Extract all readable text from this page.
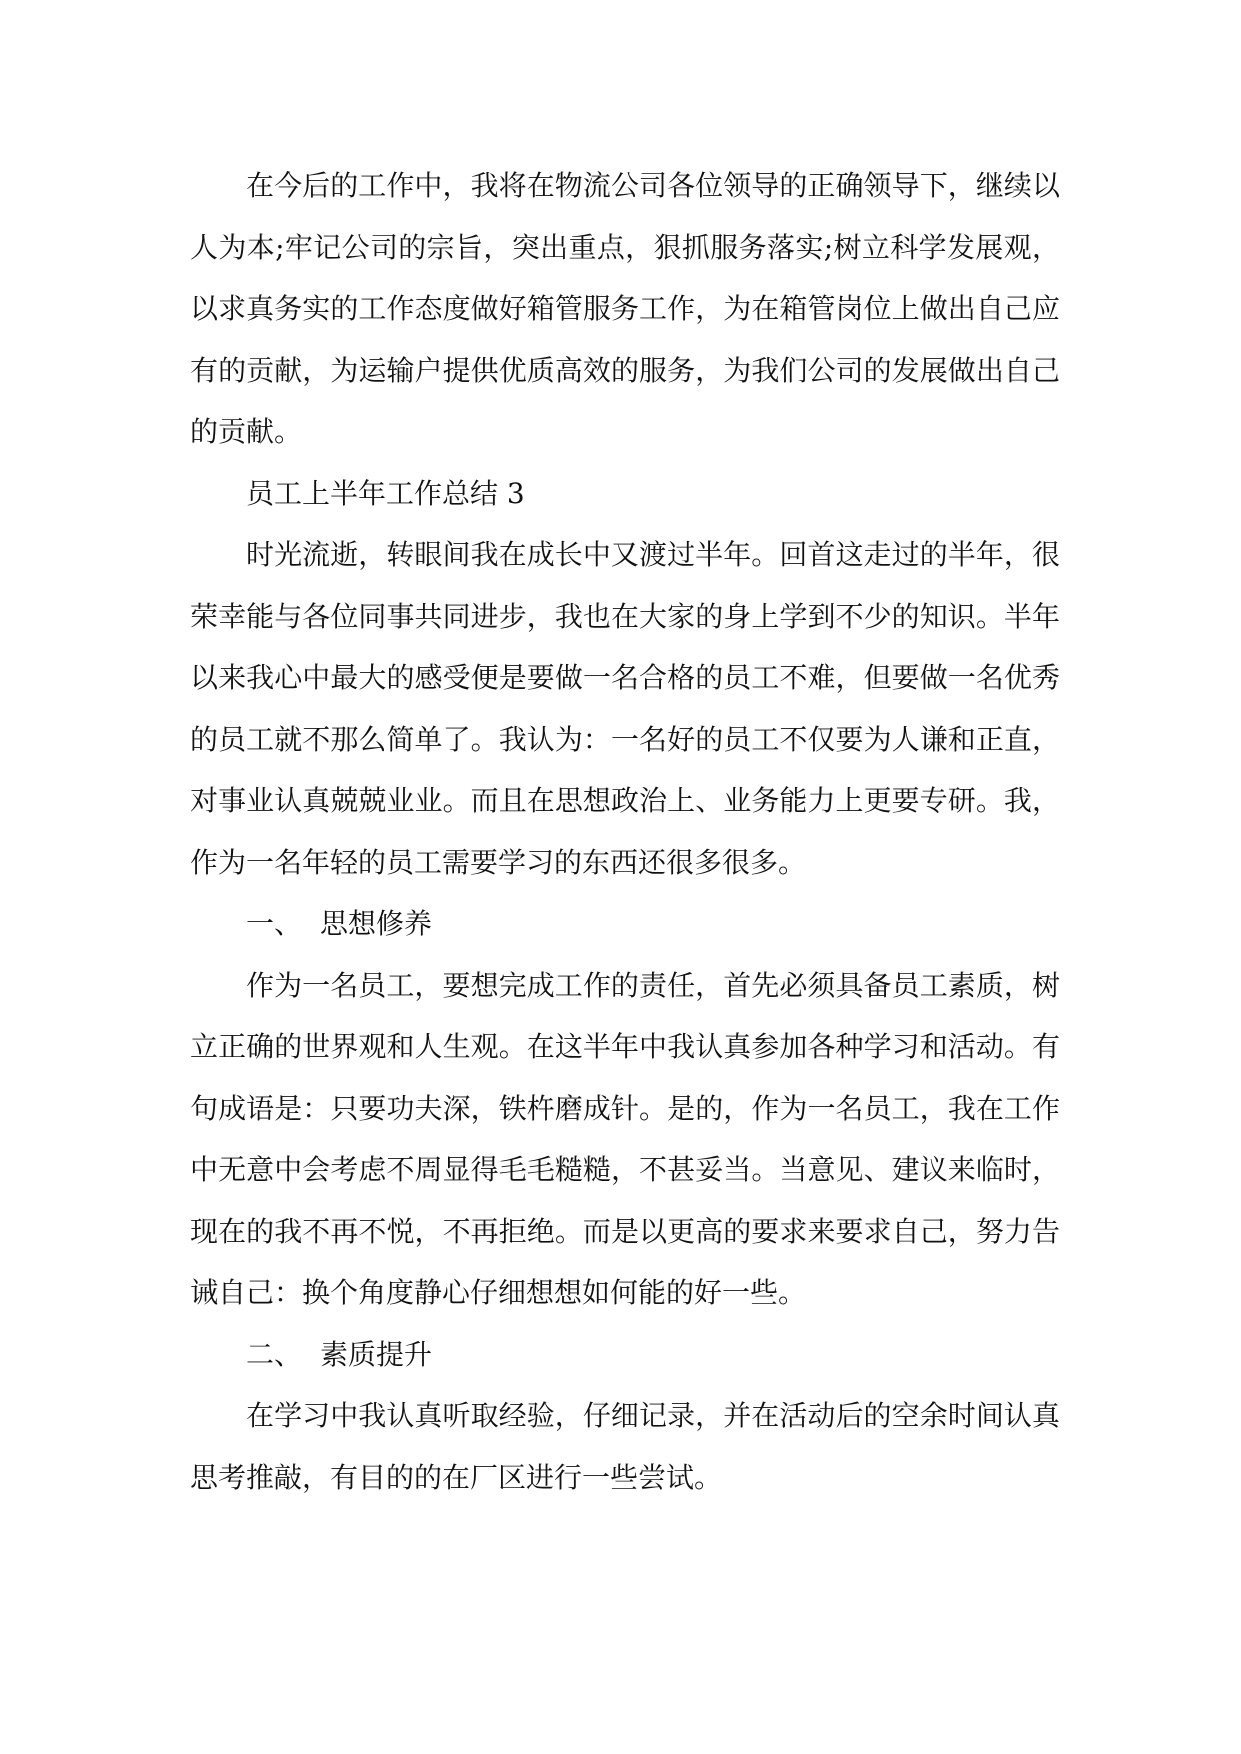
在今后的工作中，我将在物流公司各位领导的正确领导下，继续以人为本;牢记公司的宗旨，突出重点，狠抓服务落实;树立科学发展观，以求真务实的工作态度做好箱管服务工作，为在箱管岗位上做出自己应有的贡献，为运输户提供优质高效的服务，为我们公司的发展做出自己的贡献。

员工上半年工作总结 3

时光流逝，转眼间我在成长中又渡过半年。回首这走过的半年，很荣幸能与各位同事共同进步，我也在大家的身上学到不少的知识。半年以来我心中最大的感受便是要做一名合格的员工不难，但要做一名优秀的员工就不那么简单了。我认为：一名好的员工不仅要为人谦和正直，对事业认真兢兢业业。而且在思想政治上、业务能力上更要专研。我，作为一名年轻的员工需要学习的东西还很多很多。

一、 思想修养

作为一名员工，要想完成工作的责任，首先必须具备员工素质，树立正确的世界观和人生观。在这半年中我认真参加各种学习和活动。有句成语是：只要功夫深，铁杵磨成针。是的，作为一名员工，我在工作中无意中会考虑不周显得毛毛糙糙，不甚妥当。当意见、建议来临时，现在的我不再不悦，不再拒绝。而是以更高的要求来要求自己，努力告诫自己：换个角度静心仔细想想如何能的好一些。

二、 素质提升

在学习中我认真听取经验，仔细记录，并在活动后的空余时间认真思考推敲，有目的的在厂区进行一些尝试。
